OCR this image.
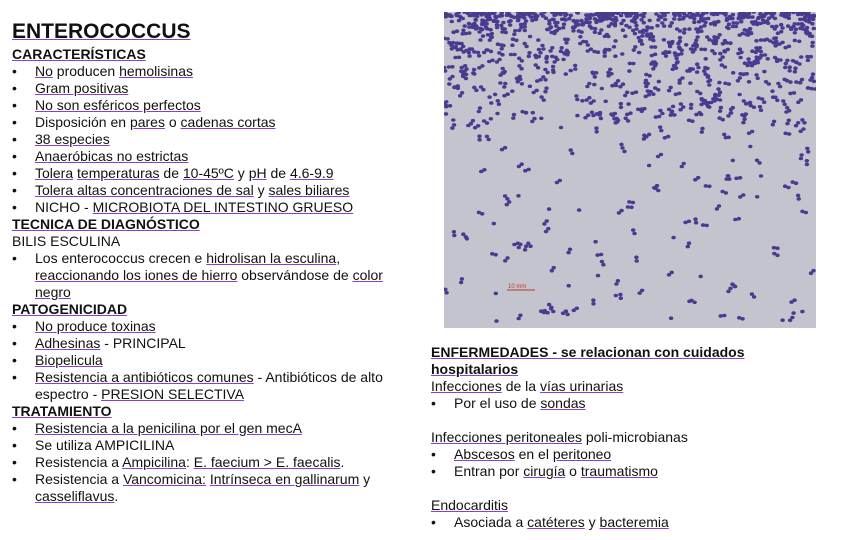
ENTEROCOCCUS
CARACTERÍSTICAS
• No producen hemolisinas
• Gram positivas
• No son esféricos perfectos
• Disposición en pares o cadenas cortas
• 38 especies
• Anaeróbicas no estrictas
• Tolera temperaturas de 10-45ºC y pH de 4.6-9.9
• Tolera altas concentraciones de sal y sales biliares
• NICHO - MICROBIOTA DEL INTESTINO GRUESO
TECNICA DE DIAGNÓSTICO
BILIS ESCULINA
• Los enterococcus crecen e hidrolisan la esculina, reaccionando los iones de hierro observándose de color negro
PATOGENICIDAD
• No produce toxinas
• Adhesinas - PRINCIPAL
• Biopelicula
• Resistencia a antibióticos comunes - Antibióticos de alto espectro - PRESION SELECTIVA
TRATAMIENTO
• Resistencia a la penicilina por el gen mecA
• Se utiliza AMPICILINA
• Resistencia a Ampicilina: E. faecium > E. faecalis.
• Resistencia a Vancomicina: Intrínseca en gallinarum y casseliflavus.
10 mm
ENFERMEDADES - se relacionan con cuidados hospitalarios
Infecciones de la vías urinarias
• Por el uso de sondas
Infecciones peritoneales poli-microbianas
• Abscesos en el peritoneo
• Entran por cirugía o traumatismo
Endocarditis
• Asociada a catéteres y bacteremia
